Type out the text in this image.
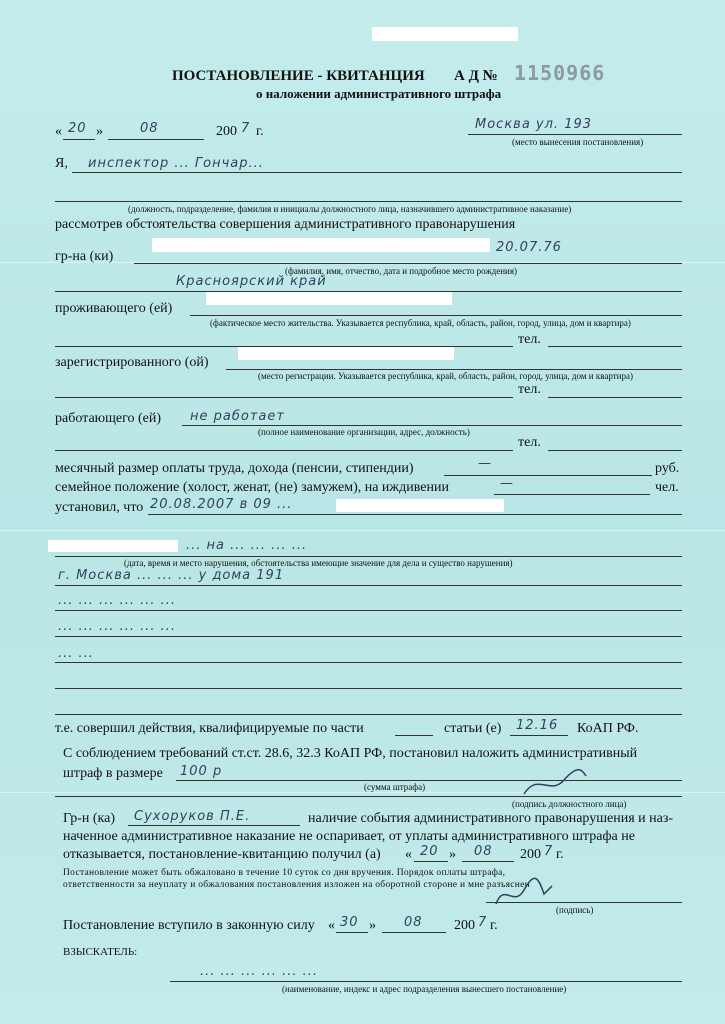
ПОСТАНОВЛЕНИЕ - КВИТАНЦИЯ А Д № 1150966
о наложении административного штрафа
« 20 »	08	200 7 г.	Москва ул. 193
(место вынесения постановления)
Я, инспектор ... Гончар...
(должность, подразделение, фамилия и инициалы должностного лица, назначившего административное наказание)
рассмотрев обстоятельства совершения административного правонарушения
гр-на (ки)
20.07.76
(фамилия, имя, отчество, дата и подробное место рождения)
Красноярский край
проживающего (ей)
(фактическое место жительства. Указывается республика, край, область, район, город, улица, дом и квартира)
тел.
зарегистрированного (ой)
(место регистрации. Указывается республика, край, область, район, город, улица, дом и квартира)
тел.
работающего (ей) не работает
(полное наименование организации, адрес, должность)
тел.
месячный размер оплаты труда, дохода (пенсии, стипендии)	—	руб.
семейное положение (холост, женат, (не) замужем), на иждивении	—	чел.
установил, что 20.08.2007 в 09 ...
... на ... ... ... ...
(дата, время и место нарушения, обстоятельства имеющие значение для дела и существо нарушения)
г. Москва ... ... ... у дома 191
... ... ... ... ... ...
... ... ... ... ... ...
... ...
т.е. совершил действия, квалифицируемые по части	статьи (е) 12.16 КоАП РФ.
С соблюдением требований ст.ст. 28.6, 32.3 КоАП РФ, постановил наложить административный
штраф в размере 100 р
(сумма штрафа)
(подпись должностного лица)
Гр-н (ка) Сухоруков П.Е.	наличие события административного правонарушения и наз-
наченное административное наказание не оспаривает, от уплаты административного штрафа не
отказывается, постановление-квитанцию получил (а) « 20 » 08 200 7 г.
Постановление может быть обжаловано в течение 10 суток со дня вручения. Порядок оплаты штрафа,
ответственности за неуплату и обжалования постановления изложен на оборотной стороне и мне разъяснен
(подпись)
Постановление вступило в законную силу « 30 » 08 200 7 г.
ВЗЫСКАТЕЛЬ:
... ... ... ... ... ...
(наименование, индекс и адрес подразделения вынесшего постановление)
